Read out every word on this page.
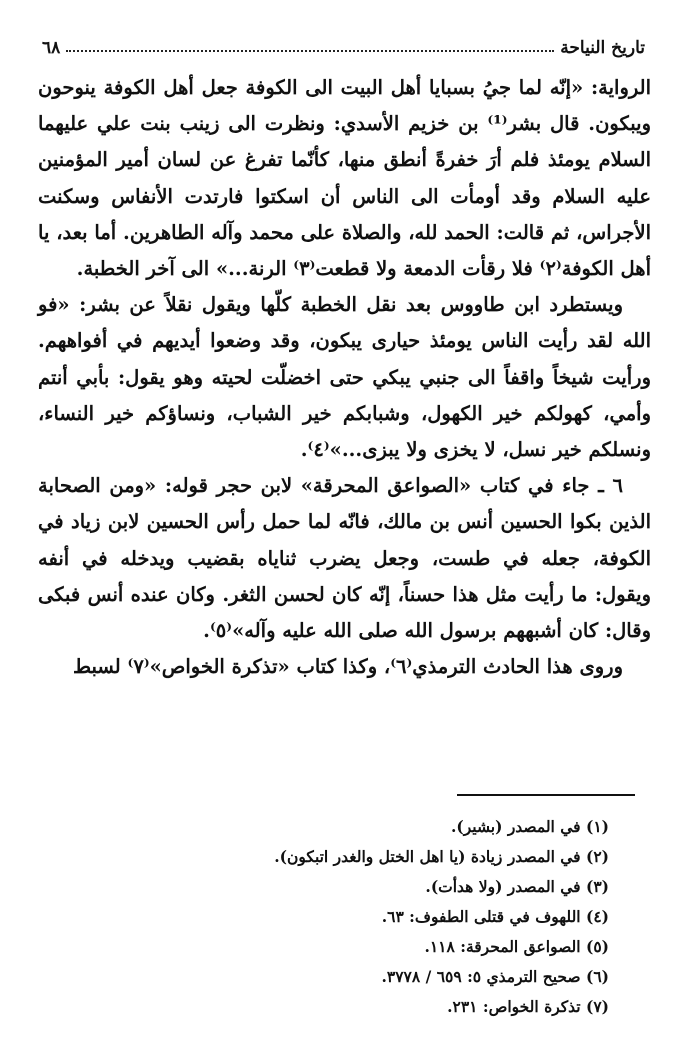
٦٨	تاريخ النياحة

الرواية: «إنّه لما جيُ بسبايا أهل البيت الى الكوفة جعل أهل الكوفة ينوحون ويبكون. قال بشر⁽¹⁾ بن خزيم الأسدي: ونظرت الى زينب بنت علي عليهما السلام يومئذ فلم أرَ خفرةً أنطق منها، كأنّما تفرغ عن لسان أمير المؤمنين عليه السلام وقد أومأت الى الناس أن اسكتوا فارتدت الأنفاس وسكنت الأجراس، ثم قالت: الحمد لله، والصلاة على محمد وآله الطاهرين. أما بعد، يا أهل الكوفة⁽٢⁾ فلا رقأت الدمعة ولا قطعت⁽٣⁾ الرنة...» الى آخر الخطبة.

ويستطرد ابن طاووس بعد نقل الخطبة كلّها ويقول نقلاً عن بشر: «فو الله لقد رأيت الناس يومئذ حيارى يبكون، وقد وضعوا أيديهم في أفواههم. ورأيت شيخاً واقفاً الى جنبي يبكي حتى اخضلّت لحيته وهو يقول: بأبي أنتم وأمي، كهولكم خير الكهول، وشبابكم خير الشباب، ونساؤكم خير النساء، ونسلكم خير نسل، لا يخزى ولا يبزى...»⁽٤⁾.

٦ ـ جاء في كتاب «الصواعق المحرقة» لابن حجر قوله: «ومن الصحابة الذين بكوا الحسين أنس بن مالك، فانّه لما حمل رأس الحسين لابن زياد في الكوفة، جعله في طست، وجعل يضرب ثناياه بقضيب ويدخله في أنفه ويقول: ما رأيت مثل هذا حسناً، إنّه كان لحسن الثغر. وكان عنده أنس فبكى وقال: كان أشبههم برسول الله صلى الله عليه وآله»⁽٥⁾.

وروى هذا الحادث الترمذي⁽٦⁾، وكذا كتاب «تذكرة الخواص»⁽٧⁾ لسبط

(١) في المصدر (بشير).
(٢) في المصدر زيادة (يا اهل الختل والغدر اتبكون).
(٣) في المصدر (ولا هدأت).
(٤) اللهوف في قتلى الطفوف: ٦٣.
(٥) الصواعق المحرقة: ١١٨.
(٦) صحيح الترمذي ٥: ٦٥٩ / ٣٧٧٨.
(٧) تذكرة الخواص: ٢٣١.
